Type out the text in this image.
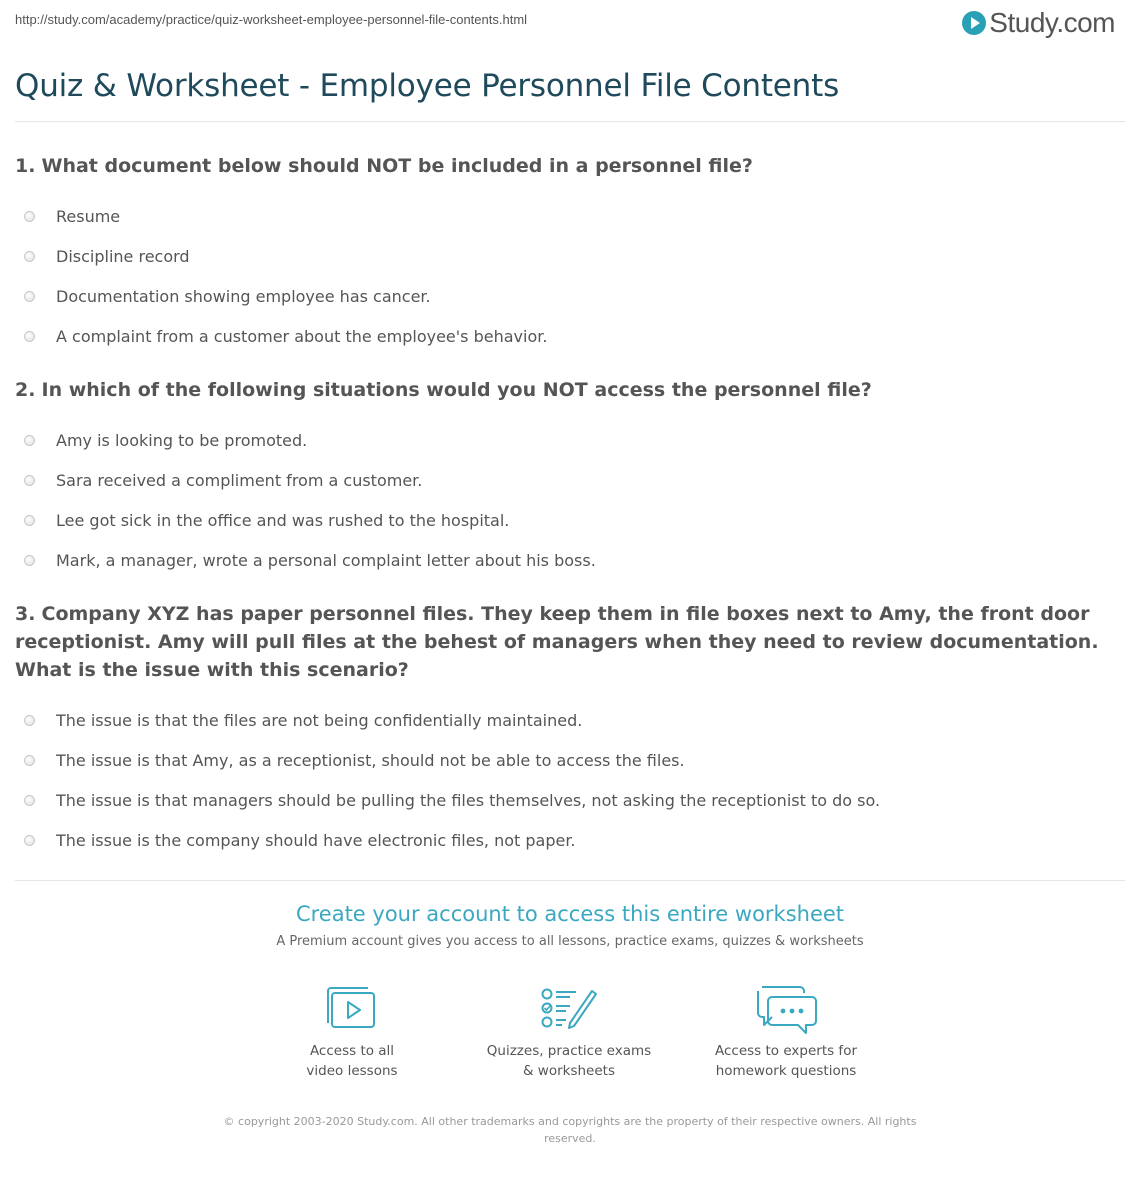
http://study.com/academy/practice/quiz-worksheet-employee-personnel-file-contents.html	Study.com
Quiz & Worksheet - Employee Personnel File Contents
1. What document below should NOT be included in a personnel file?
Resume
Discipline record
Documentation showing employee has cancer.
A complaint from a customer about the employee's behavior.
2. In which of the following situations would you NOT access the personnel file?
Amy is looking to be promoted.
Sara received a compliment from a customer.
Lee got sick in the office and was rushed to the hospital.
Mark, a manager, wrote a personal complaint letter about his boss.
3. Company XYZ has paper personnel files. They keep them in file boxes next to Amy, the front door receptionist. Amy will pull files at the behest of managers when they need to review documentation. What is the issue with this scenario?
The issue is that the files are not being confidentially maintained.
The issue is that Amy, as a receptionist, should not be able to access the files.
The issue is that managers should be pulling the files themselves, not asking the receptionist to do so.
The issue is the company should have electronic files, not paper.
Create your account to access this entire worksheet
A Premium account gives you access to all lessons, practice exams, quizzes & worksheets
Access to all
video lessons
Quizzes, practice exams
& worksheets
Access to experts for
homework questions
© copyright 2003-2020 Study.com. All other trademarks and copyrights are the property of their respective owners. All rights reserved.
